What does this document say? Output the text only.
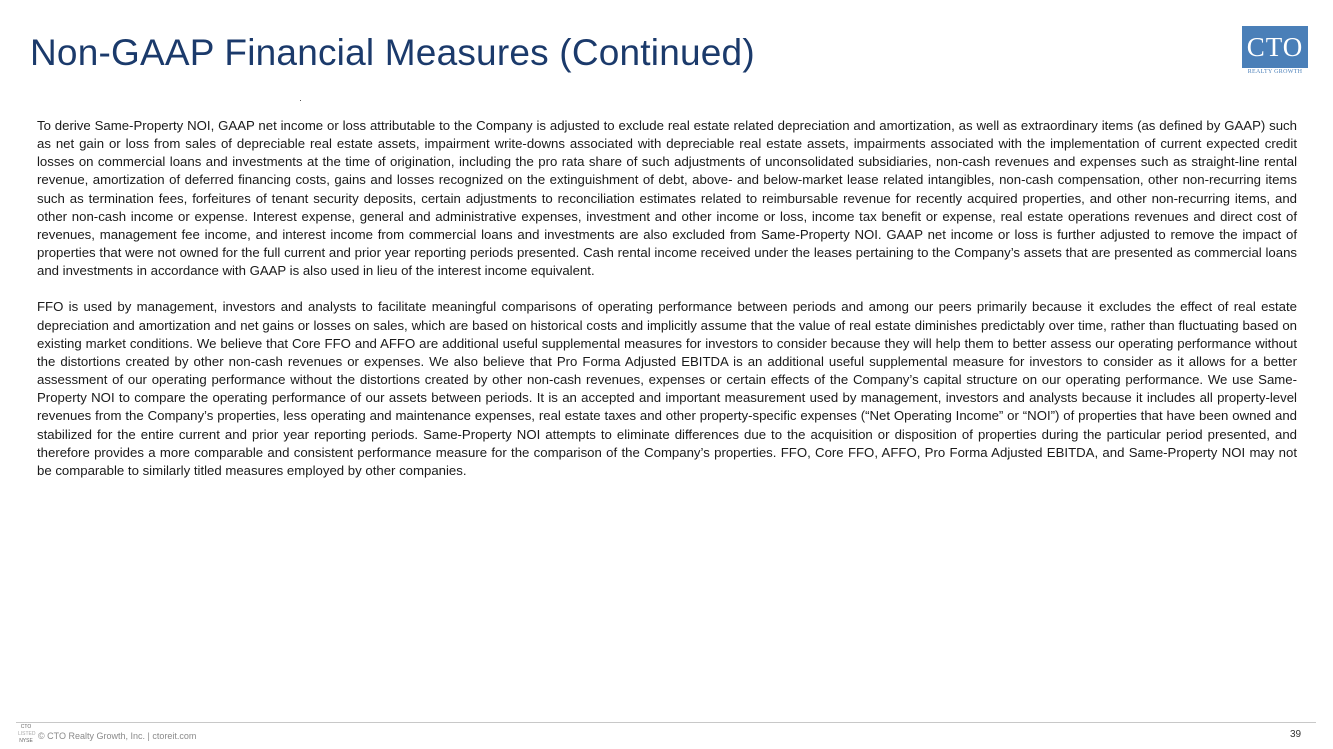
Non-GAAP Financial Measures (Continued)	CTO
REALTY GROWTH

To derive Same-Property NOI, GAAP net income or loss attributable to the Company is adjusted to exclude real estate related depreciation and amortization, as well as extraordinary items (as defined by GAAP) such as net gain or loss from sales of depreciable real estate assets, impairment write-downs associated with depreciable real estate assets, impairments associated with the implementation of current expected credit losses on commercial loans and investments at the time of origination, including the pro rata share of such adjustments of unconsolidated subsidiaries, non-cash revenues and expenses such as straight-line rental revenue, amortization of deferred financing costs, gains and losses recognized on the extinguishment of debt, above- and below-market lease related intangibles, non-cash compensation, other non-recurring items such as termination fees, forfeitures of tenant security deposits, certain adjustments to reconciliation estimates related to reimbursable revenue for recently acquired properties, and other non-recurring items, and other non-cash income or expense. Interest expense, general and administrative expenses, investment and other income or loss, income tax benefit or expense, real estate operations revenues and direct cost of revenues, management fee income, and interest income from commercial loans and investments are also excluded from Same-Property NOI. GAAP net income or loss is further adjusted to remove the impact of properties that were not owned for the full current and prior year reporting periods presented. Cash rental income received under the leases pertaining to the Company’s assets that are presented as commercial loans and investments in accordance with GAAP is also used in lieu of the interest income equivalent.

FFO is used by management, investors and analysts to facilitate meaningful comparisons of operating performance between periods and among our peers primarily because it excludes the effect of real estate depreciation and amortization and net gains or losses on sales, which are based on historical costs and implicitly assume that the value of real estate diminishes predictably over time, rather than fluctuating based on existing market conditions. We believe that Core FFO and AFFO are additional useful supplemental measures for investors to consider because they will help them to better assess our operating performance without the distortions created by other non-cash revenues or expenses. We also believe that Pro Forma Adjusted EBITDA is an additional useful supplemental measure for investors to consider as it allows for a better assessment of our operating performance without the distortions created by other non-cash revenues, expenses or certain effects of the Company’s capital structure on our operating performance. We use Same-Property NOI to compare the operating performance of our assets between periods. It is an accepted and important measurement used by management, investors and analysts because it includes all property-level revenues from the Company’s properties, less operating and maintenance expenses, real estate taxes and other property-specific expenses (“Net Operating Income” or “NOI”) of properties that have been owned and stabilized for the entire current and prior year reporting periods. Same-Property NOI attempts to eliminate differences due to the acquisition or disposition of properties during the particular period presented, and therefore provides a more comparable and consistent performance measure for the comparison of the Company’s properties. FFO, Core FFO, AFFO, Pro Forma Adjusted EBITDA, and Same-Property NOI may not be comparable to similarly titled measures employed by other companies.

CTO
LISTED
NYSE © CTO Realty Growth, Inc. | ctoreit.com	39
